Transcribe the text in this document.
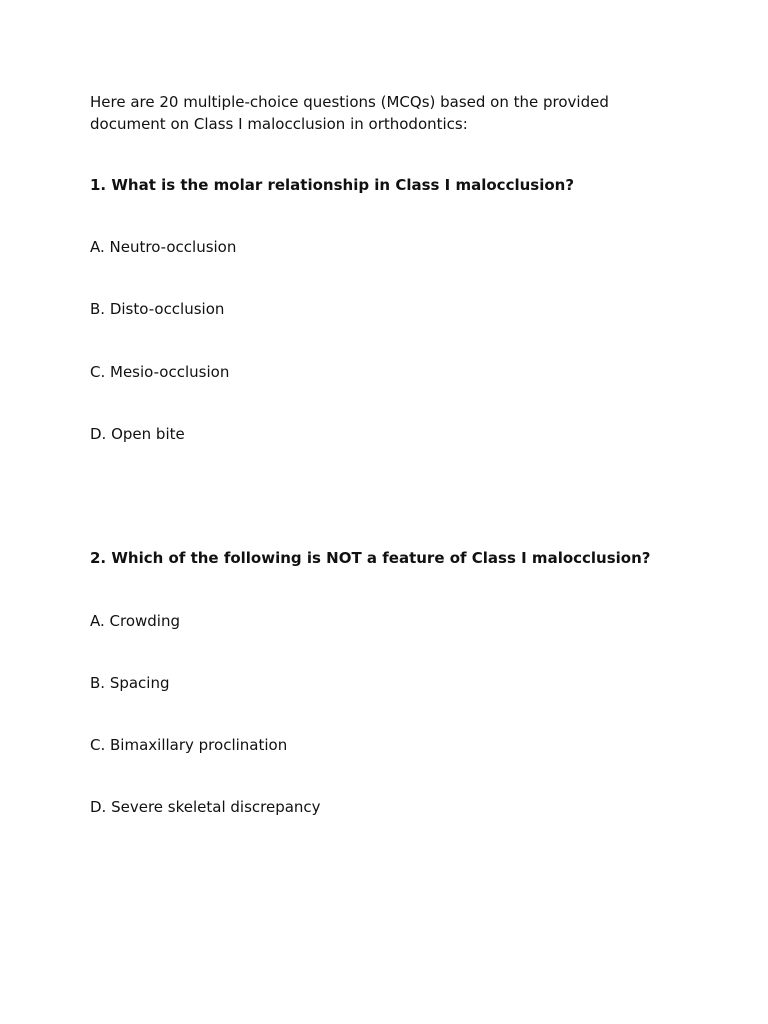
Here are 20 multiple-choice questions (MCQs) based on the provided
document on Class I malocclusion in orthodontics:

1. What is the molar relationship in Class I malocclusion?

A. Neutro-occlusion

B. Disto-occlusion

C. Mesio-occlusion

D. Open bite

2. Which of the following is NOT a feature of Class I malocclusion?

A. Crowding

B. Spacing

C. Bimaxillary proclination

D. Severe skeletal discrepancy
